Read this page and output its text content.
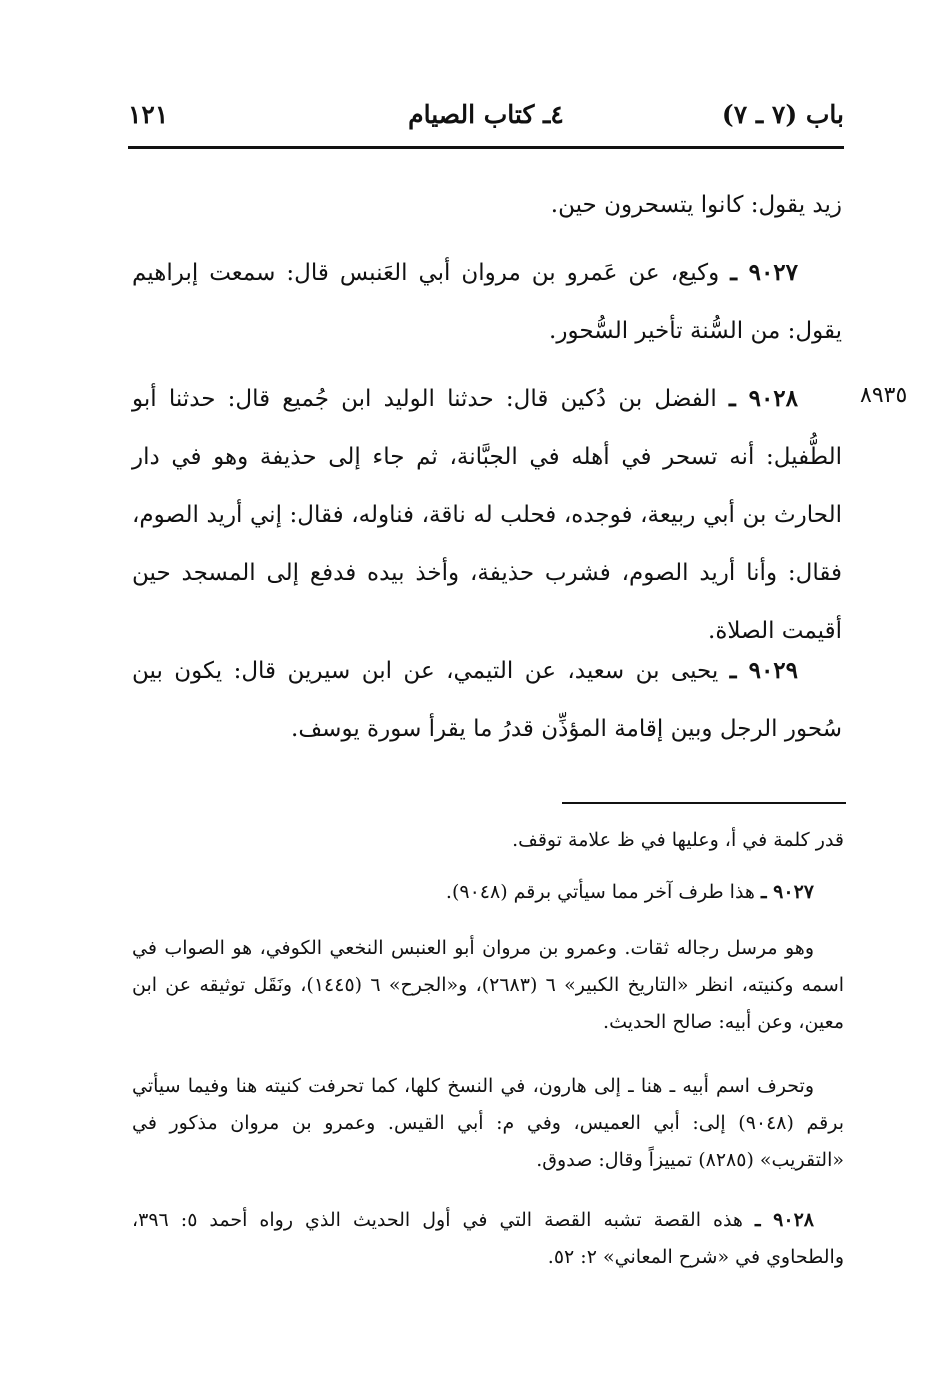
باب (٧ ـ ٧)
٤ـ كتاب الصيام
١٢١
٨٩٣٥

زيد يقول: كانوا يتسحرون حين.

٩٠٢٧ ـ وكيع، عن عَمرو بن مروان أبي العَنبس قال: سمعت إبراهيم يقول: من السُّنة تأخير السُّحور.

٩٠٢٨ ـ الفضل بن دُكين قال: حدثنا الوليد ابن جُميع قال: حدثنا أبو الطُّفيل: أنه تسحر في أهله في الجبَّانة، ثم جاء إلى حذيفة وهو في دار الحارث بن أبي ربيعة، فوجده، فحلب له ناقة، فناوله، فقال: إني أريد الصوم، فقال: وأنا أريد الصوم، فشرب حذيفة، وأخذ بيده فدفع إلى المسجد حين أقيمت الصلاة.

٩٠٢٩ ـ يحيى بن سعيد، عن التيمي، عن ابن سيرين قال: يكون بين سُحور الرجل وبين إقامة المؤذِّن قدرُ ما يقرأ سورة يوسف.

قدر كلمة في أ، وعليها في ظ علامة توقف.

٩٠٢٧ ـ هذا طرف آخر مما سيأتي برقم (٩٠٤٨).

وهو مرسل رجاله ثقات. وعمرو بن مروان أبو العنبس النخعي الكوفي، هو الصواب في اسمه وكنيته، انظر «التاريخ الكبير» ٦ (٢٦٨٣)، و«الجرح» ٦ (١٤٤٥)، ونَقَل توثيقه عن ابن معين، وعن أبيه: صالح الحديث.

وتحرف اسم أبيه ـ هنا ـ إلى هارون، في النسخ كلها، كما تحرفت كنيته هنا وفيما سيأتي برقم (٩٠٤٨) إلى: أبي العميس، وفي م: أبي القيس. وعمرو بن مروان مذكور في «التقريب» (٨٢٨٥) تمييزاً وقال: صدوق.

٩٠٢٨ ـ هذه القصة تشبه القصة التي في أول الحديث الذي رواه أحمد ٥: ٣٩٦، والطحاوي في «شرح المعاني» ٢: ٥٢.
